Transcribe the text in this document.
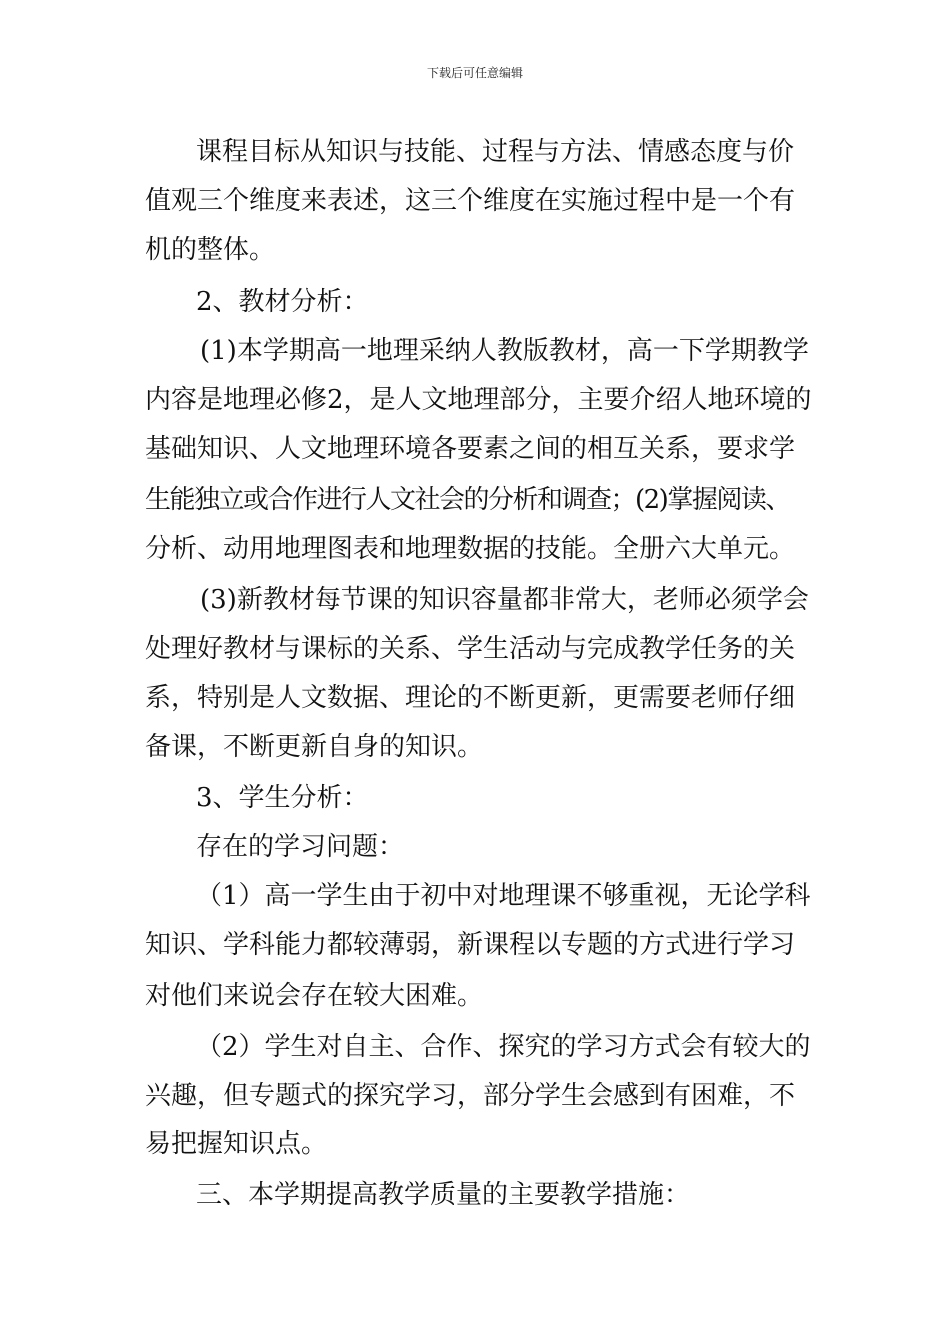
下载后可任意编辑
课程目标从知识与技能、过程与方法、情感态度与价
值观三个维度来表述，这三个维度在实施过程中是一个有
机的整体。
2、教材分析：
(1)本学期高一地理采纳人教版教材，高一下学期教学
内容是地理必修2，是人文地理部分，主要介绍人地环境的
基础知识、人文地理环境各要素之间的相互关系，要求学
生能独立或合作进行人文社会的分析和调查；(2)掌握阅读、
分析、动用地理图表和地理数据的技能。全册六大单元。
(3)新教材每节课的知识容量都非常大，老师必须学会
处理好教材与课标的关系、学生活动与完成教学任务的关
系，特别是人文数据、理论的不断更新，更需要老师仔细
备课，不断更新自身的知识。
3、学生分析：
存在的学习问题：
（1）高一学生由于初中对地理课不够重视，无论学科
知识、学科能力都较薄弱，新课程以专题的方式进行学习
对他们来说会存在较大困难。
（2）学生对自主、合作、探究的学习方式会有较大的
兴趣，但专题式的探究学习，部分学生会感到有困难，不
易把握知识点。
三、本学期提高教学质量的主要教学措施：
